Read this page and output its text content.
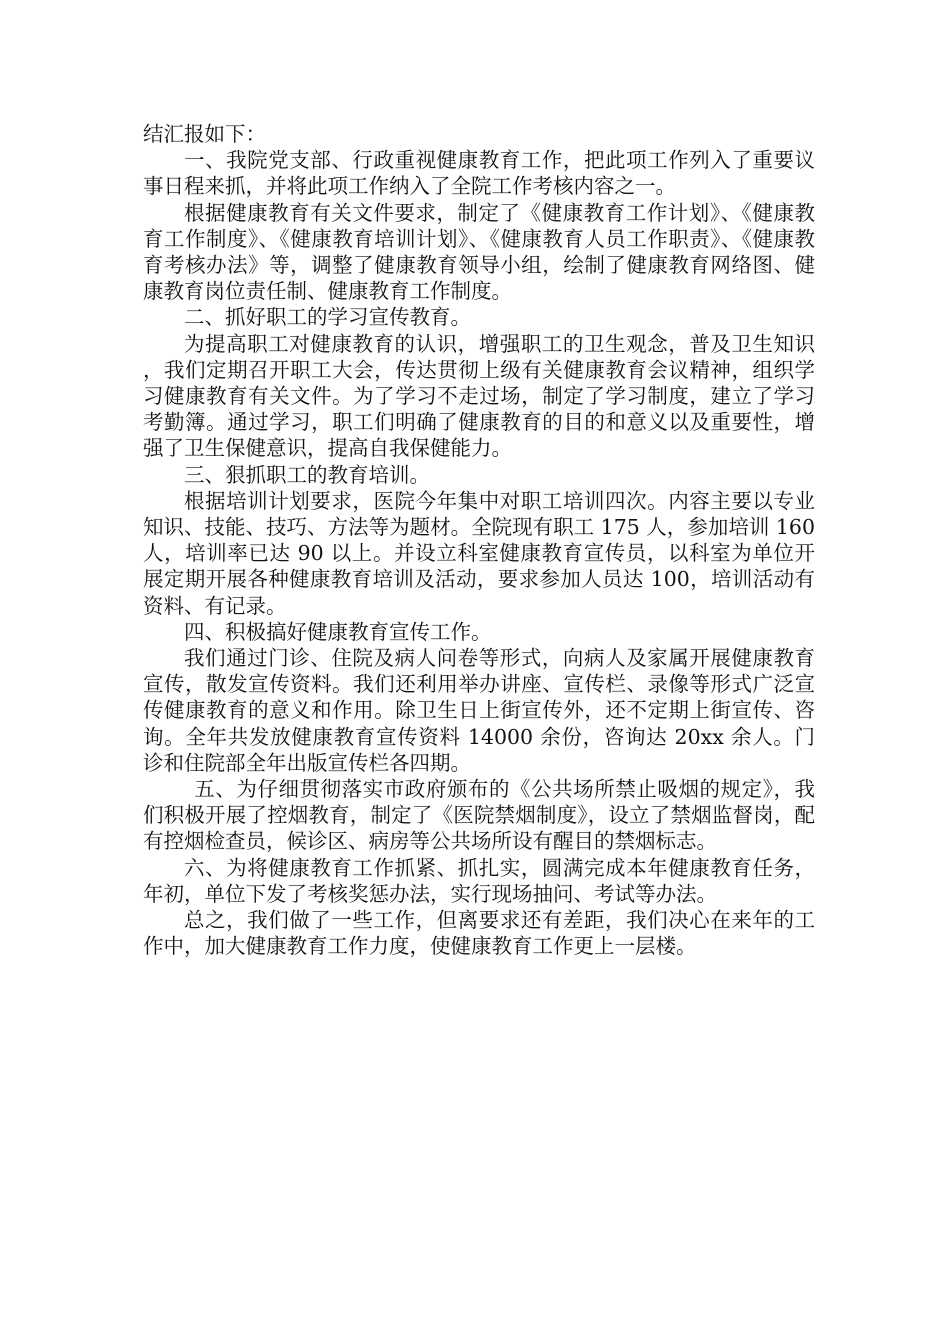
结汇报如下：

一、我院党支部、行政重视健康教育工作，把此项工作列入了重要议事日程来抓，并将此项工作纳入了全院工作考核内容之一。

根据健康教育有关文件要求，制定了《健康教育工作计划》、《健康教育工作制度》、《健康教育培训计划》、《健康教育人员工作职责》、《健康教育考核办法》等，调整了健康教育领导小组，绘制了健康教育网络图、健康教育岗位责任制、健康教育工作制度。

二、抓好职工的学习宣传教育。

为提高职工对健康教育的认识，增强职工的卫生观念，普及卫生知识，我们定期召开职工大会，传达贯彻上级有关健康教育会议精神，组织学习健康教育有关文件。为了学习不走过场，制定了学习制度，建立了学习考勤簿。通过学习，职工们明确了健康教育的目的和意义以及重要性，增强了卫生保健意识，提高自我保健能力。

三、狠抓职工的教育培训。

根据培训计划要求，医院今年集中对职工培训四次。内容主要以专业知识、技能、技巧、方法等为题材。全院现有职工 175 人，参加培训 160 人，培训率已达 90 以上。并设立科室健康教育宣传员，以科室为单位开展定期开展各种健康教育培训及活动，要求参加人员达 100，培训活动有资料、有记录。

四、积极搞好健康教育宣传工作。

我们通过门诊、住院及病人问卷等形式，向病人及家属开展健康教育宣传，散发宣传资料。我们还利用举办讲座、宣传栏、录像等形式广泛宣传健康教育的意义和作用。除卫生日上街宣传外，还不定期上街宣传、咨询。全年共发放健康教育宣传资料 14000 余份，咨询达 20xx 余人。门诊和住院部全年出版宣传栏各四期。

五、为仔细贯彻落实市政府颁布的《公共场所禁止吸烟的规定》，我们积极开展了控烟教育，制定了《医院禁烟制度》，设立了禁烟监督岗，配有控烟检查员，候诊区、病房等公共场所设有醒目的禁烟标志。

六、为将健康教育工作抓紧、抓扎实，圆满完成本年健康教育任务，年初，单位下发了考核奖惩办法，实行现场抽问、考试等办法。

总之，我们做了一些工作，但离要求还有差距，我们决心在来年的工作中，加大健康教育工作力度，使健康教育工作更上一层楼。
